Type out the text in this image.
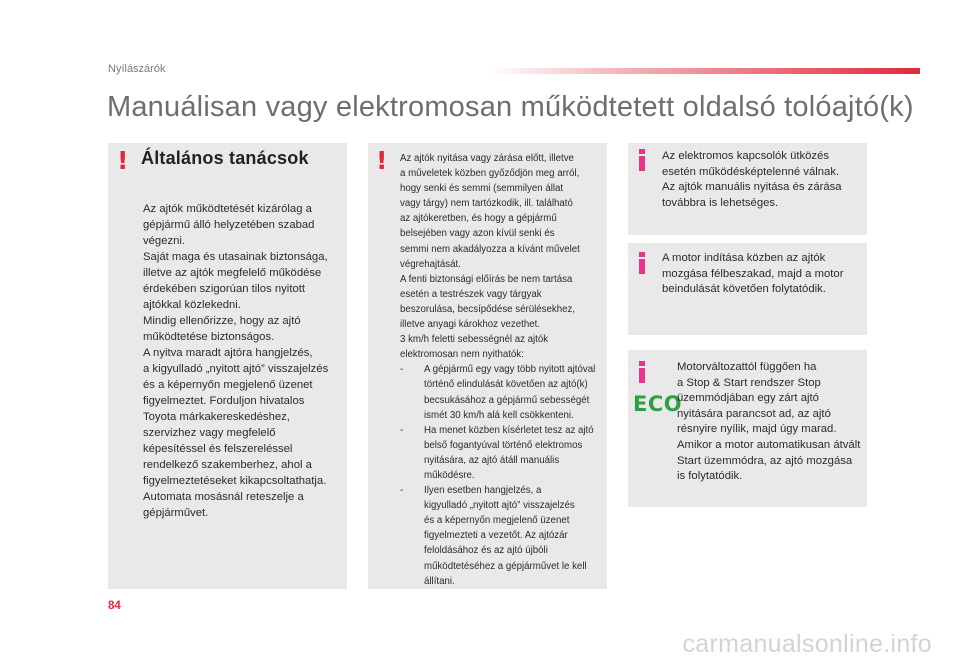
Nyílászárók
Manuálisan vagy elektromosan működtetett oldalsó tolóajtó(k)
! Általános tanácsok

Az ajtók működtetését kizárólag a

gépjármű álló helyzetében szabad

végezni.

Saját maga és utasainak biztonsága,

illetve az ajtók megfelelő működése

érdekében szigorúan tilos nyitott

ajtókkal közlekedni.

Mindig ellenőrizze, hogy az ajtó

működtetése biztonságos.

A nyitva maradt ajtóra hangjelzés,

a kigyulladó „nyitott ajtó” visszajelzés

és a képernyőn megjelenő üzenet

figyelmeztet. Forduljon hivatalos

Toyota márkakereskedéshez,

szervizhez vagy megfelelő

képesítéssel és felszereléssel

rendelkező szakemberhez, ahol a

figyelmeztetéseket kikapcsoltathatja.

Automata mosásnál reteszelje a

gépjárművet.

! Az ajtók nyitása vagy zárása előtt, illetve

a műveletek közben győződjön meg arról,

hogy senki és semmi (semmilyen állat

vagy tárgy) nem tartózkodik, ill. található

az ajtókeretben, és hogy a gépjármű

belsejében vagy azon kívül senki és

semmi nem akadályozza a kívánt művelet

végrehajtását.

A fenti biztonsági előírás be nem tartása

esetén a testrészek vagy tárgyak

beszorulása, becsípődése sérülésekhez,

illetve anyagi károkhoz vezethet.

3 km/h feletti sebességnél az ajtók

elektromosan nem nyithatók:

- A gépjármű egy vagy több nyitott ajtóval
történő elindulását követően az ajtó(k)
becsukásához a gépjármű sebességét
ismét 30 km/h alá kell csökkenteni.
- Ha menet közben kísérletet tesz az ajtó
belső fogantyúval történő elektromos
nyitására, az ajtó átáll manuális
működésre.
- Ilyen esetben hangjelzés, a
kigyulladó „nyitott ajtó” visszajelzés
és a képernyőn megjelenő üzenet
figyelmezteti a vezetőt. Az ajtózár
feloldásához és az ajtó újbóli
működtetéséhez a gépjárművet le kell
állítani.

Az elektromos kapcsolók ütközés

esetén működésképtelenné válnak.

Az ajtók manuális nyitása és zárása

továbbra is lehetséges.

A motor indítása közben az ajtók

mozgása félbeszakad, majd a motor

beindulását követően folytatódik.

ECO

Motorváltozattól függően ha

a Stop & Start rendszer Stop

üzemmódjában egy zárt ajtó

nyitására parancsot ad, az ajtó

résnyire nyílik, majd úgy marad.

Amikor a motor automatikusan átvált

Start üzemmódra, az ajtó mozgása

is folytatódik.

84
carmanualsonline.info
